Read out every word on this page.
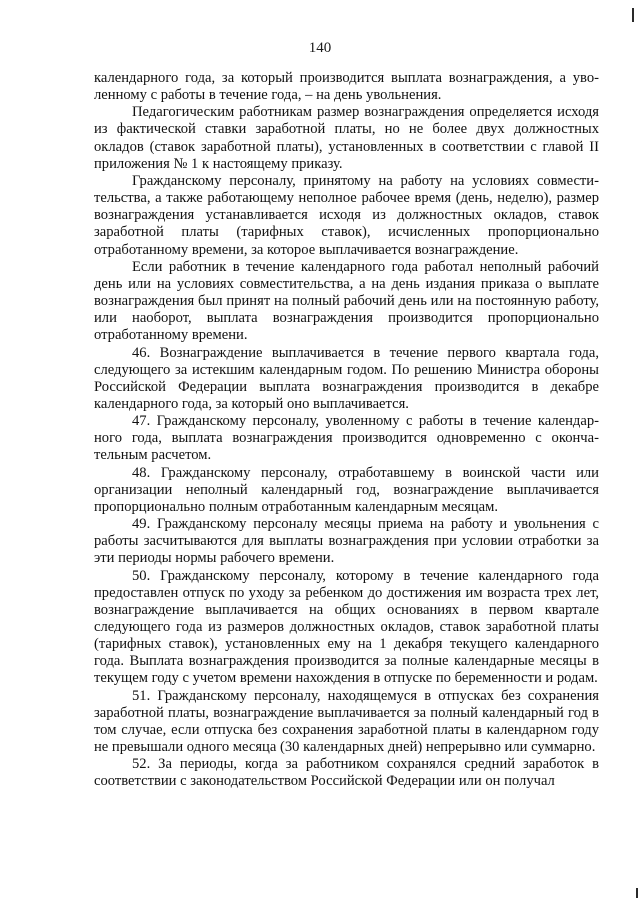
140

календарного года, за который производится выплата вознаграждения, а уволенному с работы в течение года, – на день увольнения.

Педагогическим работникам размер вознаграждения определяется исходя из фактической ставки заработной платы, но не более двух должностных окладов (ставок заработной платы), установленных в соответствии с главой II приложения № 1 к настоящему приказу.

Гражданскому персоналу, принятому на работу на условиях совместительства, а также работающему неполное рабочее время (день, неделю), размер вознаграждения устанавливается исходя из должностных окладов, ставок заработной платы (тарифных ставок), исчисленных пропорционально отработанному времени, за которое выплачивается вознаграждение.

Если работник в течение календарного года работал неполный рабочий день или на условиях совместительства, а на день издания приказа о выплате вознаграждения был принят на полный рабочий день или на постоянную работу, или наоборот, выплата вознаграждения производится пропорционально отработанному времени.

46. Вознаграждение выплачивается в течение первого квартала года, следующего за истекшим календарным годом. По решению Министра обороны Российской Федерации выплата вознаграждения производится в декабре календарного года, за который оно выплачивается.

47. Гражданскому персоналу, уволенному с работы в течение календарного года, выплата вознаграждения производится одновременно с окончательным расчетом.

48. Гражданскому персоналу, отработавшему в воинской части или организации неполный календарный год, вознаграждение выплачивается пропорционально полным отработанным календарным месяцам.

49. Гражданскому персоналу месяцы приема на работу и увольнения с работы засчитываются для выплаты вознаграждения при условии отработки за эти периоды нормы рабочего времени.

50. Гражданскому персоналу, которому в течение календарного года предоставлен отпуск по уходу за ребенком до достижения им возраста трех лет, вознаграждение выплачивается на общих основаниях в первом квартале следующего года из размеров должностных окладов, ставок заработной платы (тарифных ставок), установленных ему на 1 декабря текущего календарного года. Выплата вознаграждения производится за полные календарные месяцы в текущем году с учетом времени нахождения в отпуске по беременности и родам.

51. Гражданскому персоналу, находящемуся в отпусках без сохранения заработной платы, вознаграждение выплачивается за полный календарный год в том случае, если отпуска без сохранения заработной платы в календарном году не превышали одного месяца (30 календарных дней) непрерывно или суммарно.

52. За периоды, когда за работником сохранялся средний заработок в соответствии с законодательством Российской Федерации или он получал
